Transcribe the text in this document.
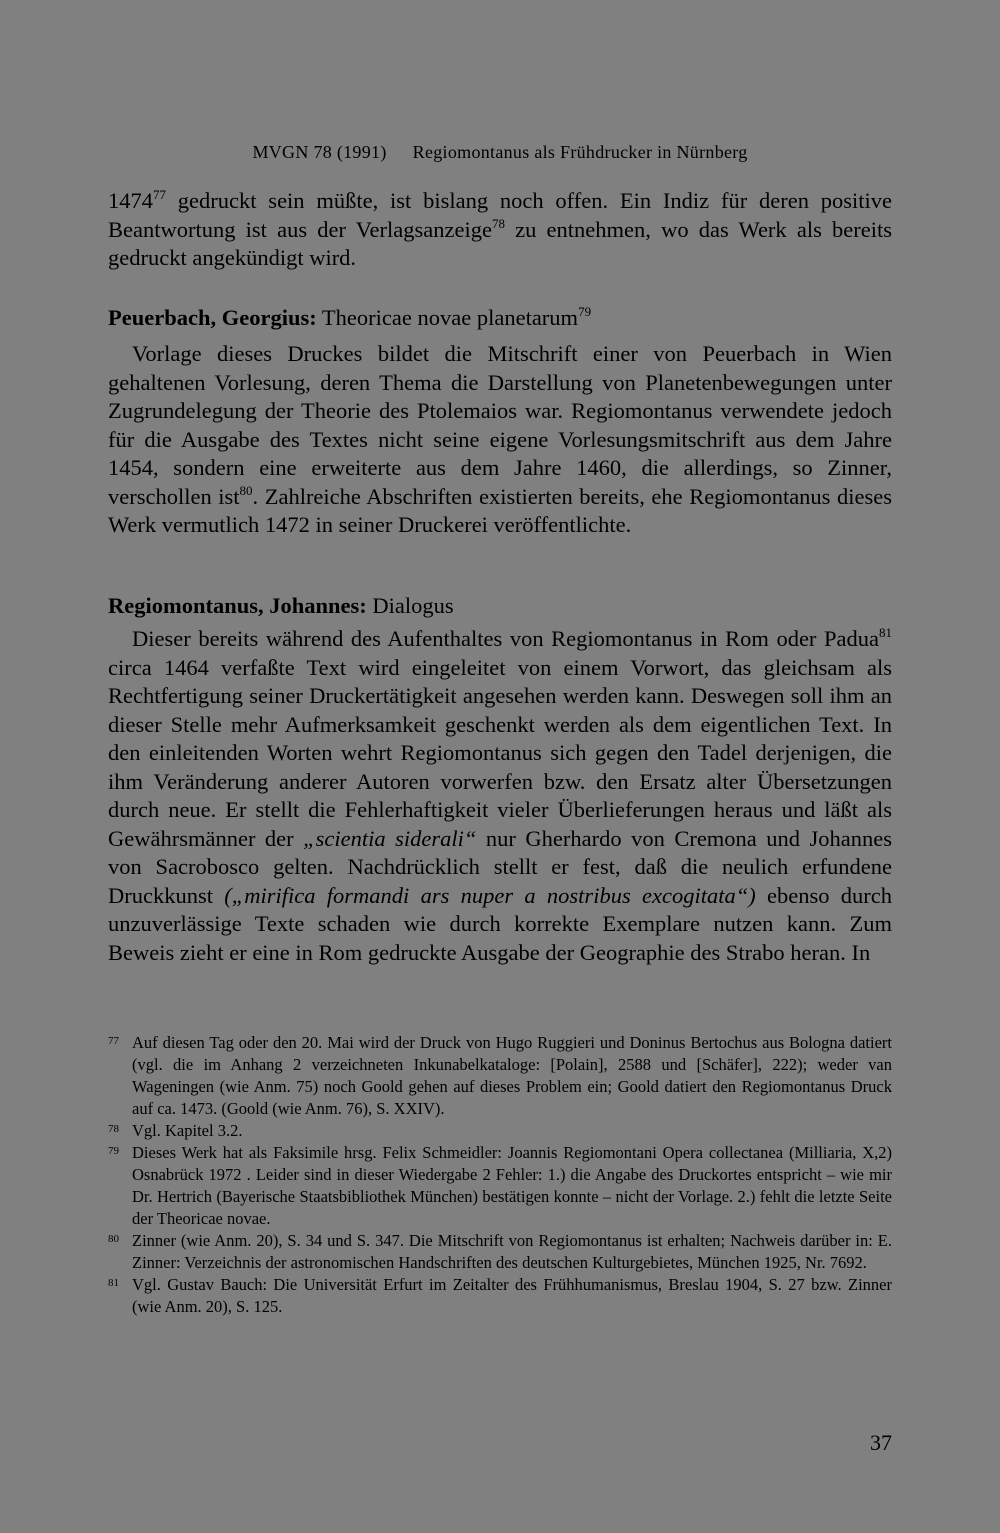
MVGN 78 (1991) Regiomontanus als Frühdrucker in Nürnberg

1474$^{77}$ gedruckt sein müßte, ist bislang noch offen. Ein Indiz für deren positive Beantwortung ist aus der Verlagsanzeige$^{78}$ zu entnehmen, wo das Werk als bereits gedruckt angekündigt wird.

Peuerbach, Georgius: Theoricae novae planetarum$^{79}$

Vorlage dieses Druckes bildet die Mitschrift einer von Peuerbach in Wien gehaltenen Vorlesung, deren Thema die Darstellung von Planetenbewegungen unter Zugrundelegung der Theorie des Ptolemaios war. Regiomontanus verwendete jedoch für die Ausgabe des Textes nicht seine eigene Vorlesungsmitschrift aus dem Jahre 1454, sondern eine erweiterte aus dem Jahre 1460, die allerdings, so Zinner, verschollen ist$^{80}$. Zahlreiche Abschriften existierten bereits, ehe Regiomontanus dieses Werk vermutlich 1472 in seiner Druckerei veröffentlichte.

Regiomontanus, Johannes: Dialogus

Dieser bereits während des Aufenthaltes von Regiomontanus in Rom oder Padua$^{81}$ circa 1464 verfaßte Text wird eingeleitet von einem Vorwort, das gleichsam als Rechtfertigung seiner Druckertätigkeit angesehen werden kann. Deswegen soll ihm an dieser Stelle mehr Aufmerksamkeit geschenkt werden als dem eigentlichen Text. In den einleitenden Worten wehrt Regiomontanus sich gegen den Tadel derjenigen, die ihm Veränderung anderer Autoren vorwerfen bzw. den Ersatz alter Übersetzungen durch neue. Er stellt die Fehlerhaftigkeit vieler Überlieferungen heraus und läßt als Gewährsmänner der „scientia siderali“ nur Gherhardo von Cremona und Johannes von Sacrobosco gelten. Nachdrücklich stellt er fest, daß die neulich erfundene Druckkunst („mirifica formandi ars nuper a nostribus excogitata“) ebenso durch unzuverlässige Texte schaden wie durch korrekte Exemplare nutzen kann. Zum Beweis zieht er eine in Rom gedruckte Ausgabe der Geographie des Strabo heran. In

77 Auf diesen Tag oder den 20. Mai wird der Druck von Hugo Ruggieri und Doninus Bertochus aus Bologna datiert (vgl. die im Anhang 2 verzeichneten Inkunabelkataloge: [Polain], 2588 und [Schäfer], 222); weder van Wageningen (wie Anm. 75) noch Goold gehen auf dieses Problem ein; Goold datiert den Regiomontanus Druck auf ca. 1473. (Goold (wie Anm. 76), S. XXIV).
78 Vgl. Kapitel 3.2.
79 Dieses Werk hat als Faksimile hrsg. Felix Schmeidler: Joannis Regiomontani Opera collectanea (Milliaria, X,2) Osnabrück 1972 . Leider sind in dieser Wiedergabe 2 Fehler: 1.) die Angabe des Druckortes entspricht – wie mir Dr. Hertrich (Bayerische Staatsbibliothek München) bestätigen konnte – nicht der Vorlage. 2.) fehlt die letzte Seite der Theoricae novae.
80 Zinner (wie Anm. 20), S. 34 und S. 347. Die Mitschrift von Regiomontanus ist erhalten; Nachweis darüber in: E. Zinner: Verzeichnis der astronomischen Handschriften des deutschen Kulturgebietes, München 1925, Nr. 7692.
81 Vgl. Gustav Bauch: Die Universität Erfurt im Zeitalter des Frühhumanismus, Breslau 1904, S. 27 bzw. Zinner (wie Anm. 20), S. 125.
37
